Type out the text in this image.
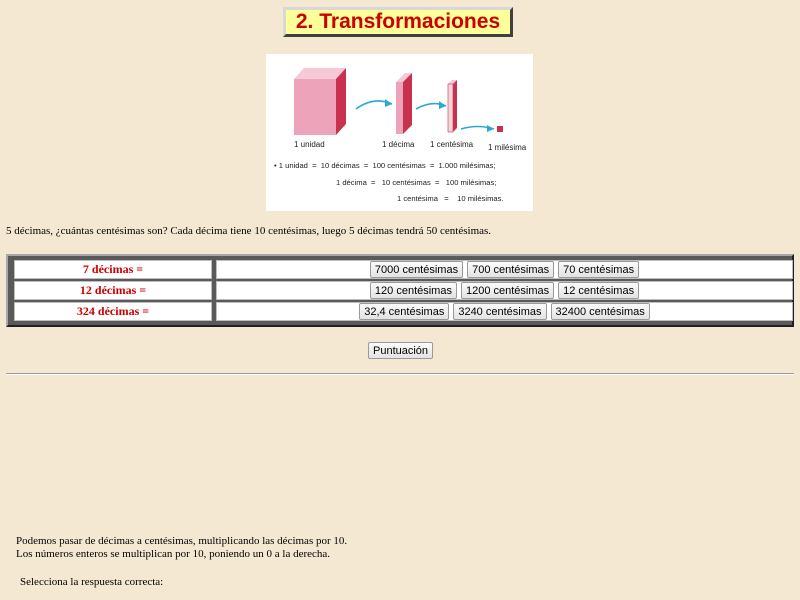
2. Transformaciones
1 unidad	1 décima 1 centésima 1 milésima
• 1 unidad  =  10 décimas  =  100 centésimas  =  1.000 milésimas;
1 décima  =   10 centésimas  =   100 milésimas;
1 centésima   =    10 milésimas.
5 décimas, ¿cuántas centésimas son? Cada décima tiene 10 centésimas, luego 5 décimas tendrá 50 centésimas.
7 décimas =	7000 centésimas	700 centésimas	70 centésimas
12 décimas =	120 centésimas	1200 centésimas	12 centésimas
324 décimas =	32,4 centésimas	3240 centésimas	32400 centésimas
Puntuación
Podemos pasar de décimas a centésimas, multiplicando las décimas por 10.
Los números enteros se multiplican por 10, poniendo un 0 a la derecha.
Selecciona la respuesta correcta:
